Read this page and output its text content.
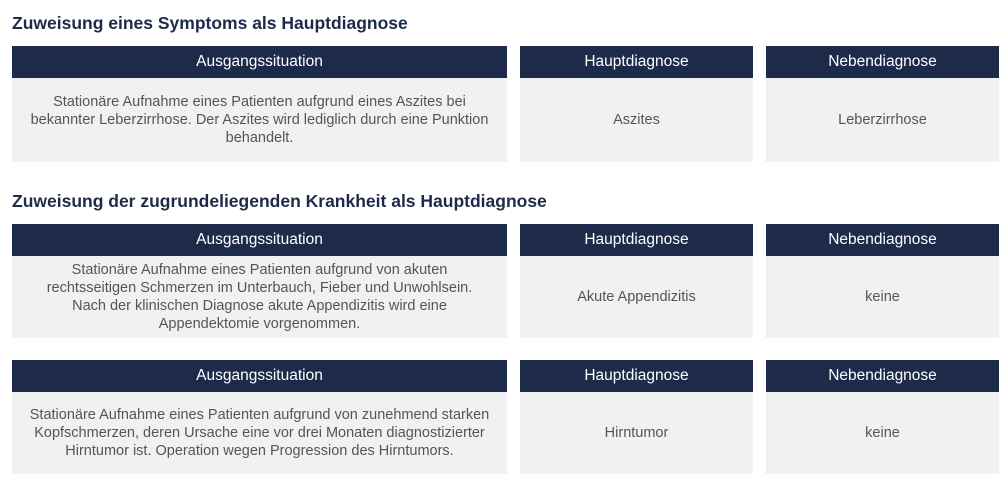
Zuweisung eines Symptoms als Hauptdiagnose
Ausgangssituation
Stationäre Aufnahme eines Patienten aufgrund eines Aszites bei bekannter Leberzirrhose. Der Aszites wird lediglich durch eine Punktion behandelt.
Hauptdiagnose
Aszites
Nebendiagnose
Leberzirrhose
Zuweisung der zugrundeliegenden Krankheit als Hauptdiagnose
Ausgangssituation
Stationäre Aufnahme eines Patienten aufgrund von akuten rechtsseitigen Schmerzen im Unterbauch, Fieber und Unwohlsein. Nach der klinischen Diagnose akute Appendizitis wird eine Appendektomie vorgenommen.
Hauptdiagnose
Akute Appendizitis
Nebendiagnose
keine
Ausgangssituation
Stationäre Aufnahme eines Patienten aufgrund von zunehmend starken Kopfschmerzen, deren Ursache eine vor drei Monaten diagnostizierter Hirntumor ist. Operation wegen Progression des Hirntumors.
Hauptdiagnose
Hirntumor
Nebendiagnose
keine
